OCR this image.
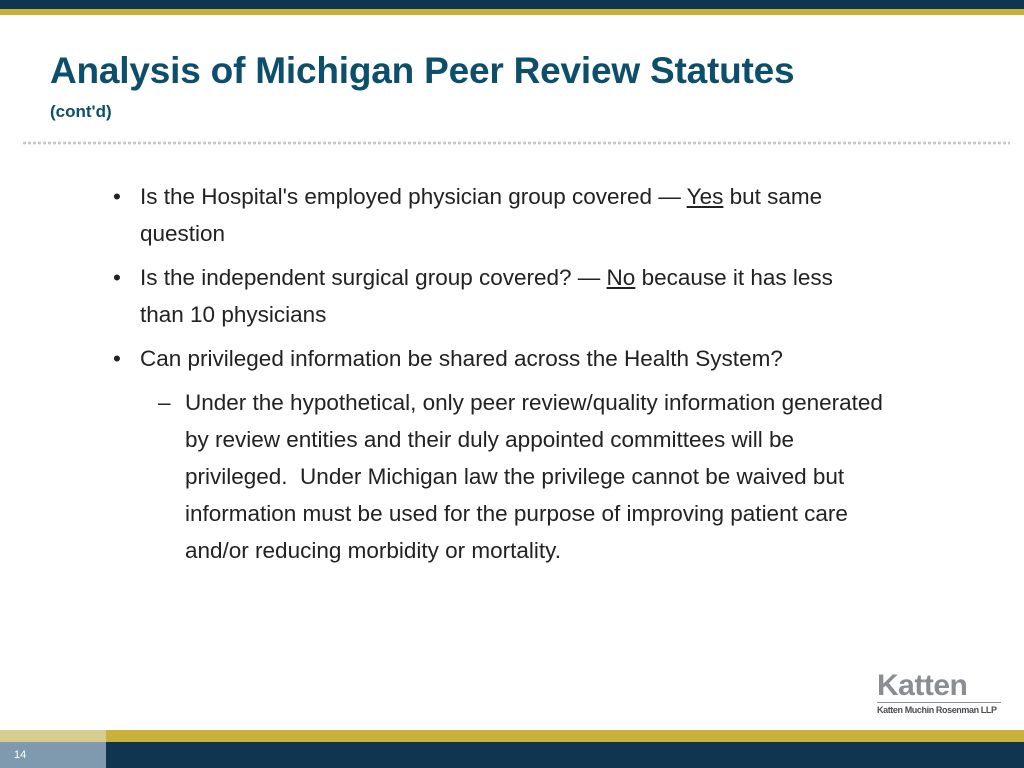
Analysis of Michigan Peer Review Statutes
(cont'd)
• Is the Hospital's employed physician group covered — Yes but same
question
• Is the independent surgical group covered? — No because it has less
than 10 physicians
• Can privileged information be shared across the Health System?
– Under the hypothetical, only peer review/quality information generated
by review entities and their duly appointed committees will be
privileged.  Under Michigan law the privilege cannot be waived but
information must be used for the purpose of improving patient care
and/or reducing morbidity or mortality.
Katten
Katten Muchin Rosenman LLP
14
